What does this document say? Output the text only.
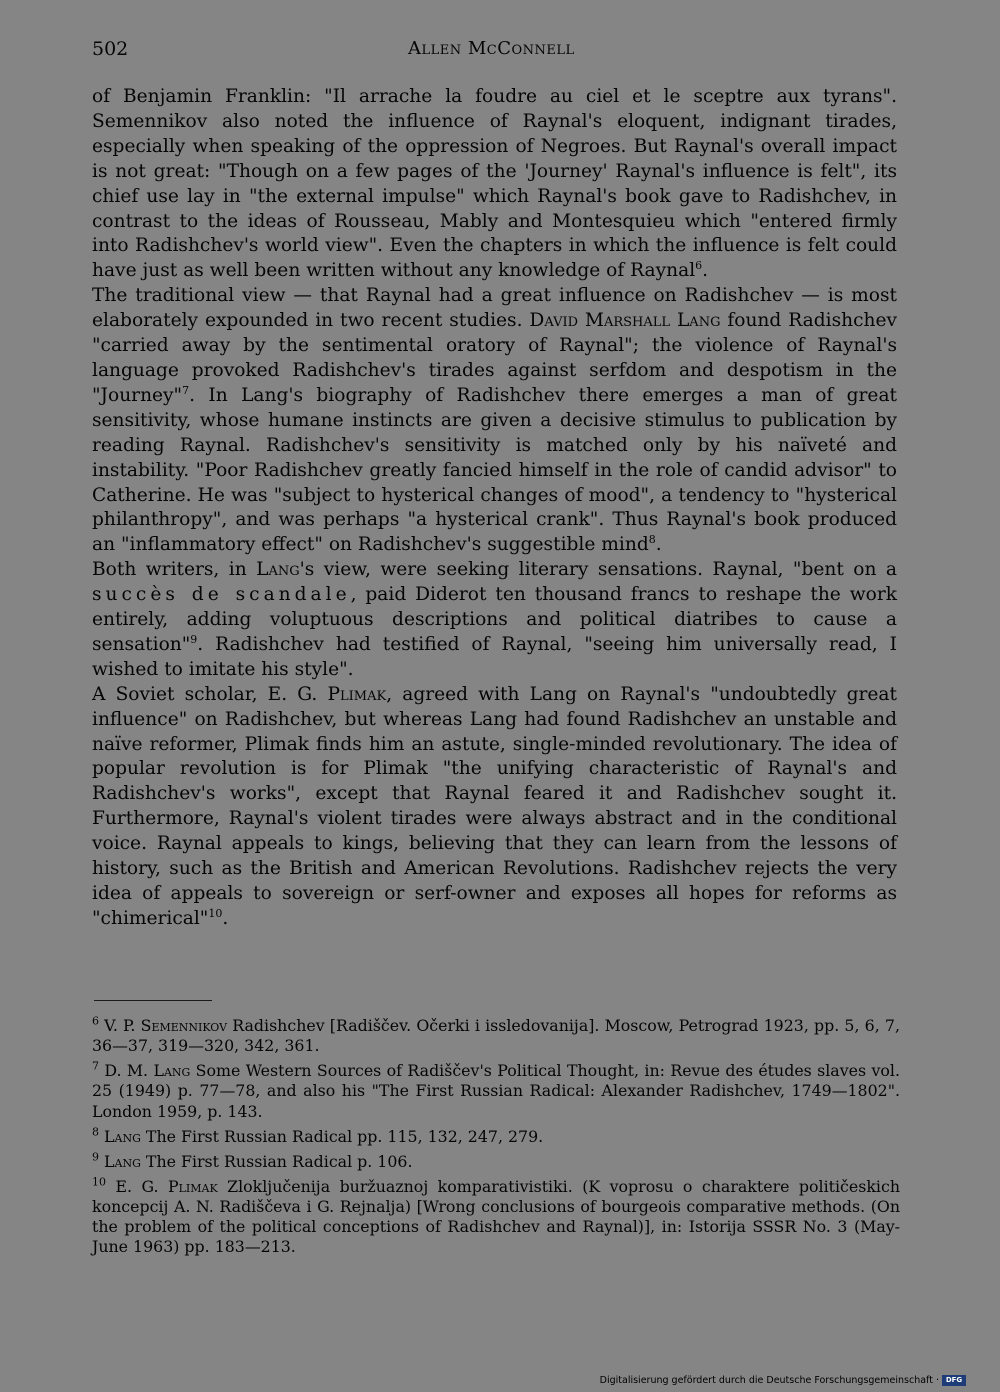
502	Allen McConnell

of Benjamin Franklin: "Il arrache la foudre au ciel et le sceptre aux tyrans". Semennikov also noted the influence of Raynal's eloquent, indignant tirades, especially when speaking of the oppression of Negroes. But Raynal's overall impact is not great: "Though on a few pages of the 'Journey' Raynal's influence is felt", its chief use lay in "the external impulse" which Raynal's book gave to Radishchev, in contrast to the ideas of Rousseau, Mably and Montesquieu which "entered firmly into Radishchev's world view". Even the chapters in which the influence is felt could have just as well been written without any knowledge of Raynal$^6$.

The traditional view — that Raynal had a great influence on Radishchev — is most elaborately expounded in two recent studies. David Marshall Lang found Radishchev "carried away by the sentimental oratory of Raynal"; the violence of Raynal's language provoked Radishchev's tirades against serfdom and despotism in the "Journey"$^7$. In Lang's biography of Radishchev there emerges a man of great sensitivity, whose humane instincts are given a decisive stimulus to publication by reading Raynal. Radishchev's sensitivity is matched only by his naïveté and instability. "Poor Radishchev greatly fancied himself in the role of candid advisor" to Catherine. He was "subject to hysterical changes of mood", a tendency to "hysterical philanthropy", and was perhaps "a hysterical crank". Thus Raynal's book produced an "inflammatory effect" on Radishchev's suggestible mind$^8$.

Both writers, in Lang's view, were seeking literary sensations. Raynal, "bent on a succès de scandale, paid Diderot ten thousand francs to reshape the work entirely, adding voluptuous descriptions and political diatribes to cause a sensation"$^9$. Radishchev had testified of Raynal, "seeing him universally read, I wished to imitate his style".

A Soviet scholar, E. G. Plimak, agreed with Lang on Raynal's "undoubtedly great influence" on Radishchev, but whereas Lang had found Radishchev an unstable and naïve reformer, Plimak finds him an astute, single-minded revolutionary. The idea of popular revolution is for Plimak "the unifying characteristic of Raynal's and Radishchev's works", except that Raynal feared it and Radishchev sought it. Furthermore, Raynal's violent tirades were always abstract and in the conditional voice. Raynal appeals to kings, believing that they can learn from the lessons of history, such as the British and American Revolutions. Radishchev rejects the very idea of appeals to sovereign or serf-owner and exposes all hopes for reforms as "chimerical"$^{10}$.

$^6$ V. P. Semennikov Radishchev [Radiščev. Očerki i issledovanija]. Moscow, Petrograd 1923, pp. 5, 6, 7, 36—37, 319—320, 342, 361.

$^7$ D. M. Lang Some Western Sources of Radiščev's Political Thought, in: Revue des études slaves vol. 25 (1949) p. 77—78, and also his "The First Russian Radical: Alexander Radishchev, 1749—1802". London 1959, p. 143.

$^8$ Lang The First Russian Radical pp. 115, 132, 247, 279.

$^9$ Lang The First Russian Radical p. 106.

$^{10}$ E. G. Plimak Zloključenija buržuaznoj komparativistiki. (K voprosu o charaktere političeskich koncepcij A. N. Radiščeva i G. Rejnalja) [Wrong conclusions of bourgeois comparative methods. (On the problem of the political conceptions of Radishchev and Raynal)], in: Istorija SSSR No. 3 (May-June 1963) pp. 183—213.

Digitalisierung gefördert durch die Deutsche Forschungsgemeinschaft · DFG
